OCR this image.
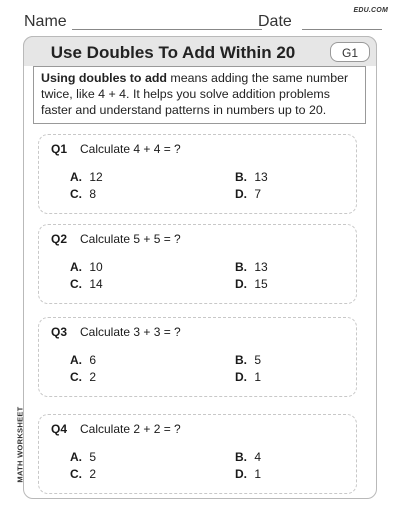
Name	Date
EDU.COM
Use Doubles To Add Within 20	G1
Using doubles to add means adding the same number twice, like 4 + 4. It helps you solve addition problems faster and understand patterns in numbers up to 20.
Q1 Calculate 4 + 4 = ?
A. 12	B. 13
C. 8	D. 7
Q2 Calculate 5 + 5 = ?
A. 10	B. 13
C. 14	D. 15
Q3 Calculate 3 + 3 = ?
A. 6	B. 5
C. 2	D. 1
Q4 Calculate 2 + 2 = ?
A. 5	B. 4
C. 2	D. 1
MATH WORKSHEET
